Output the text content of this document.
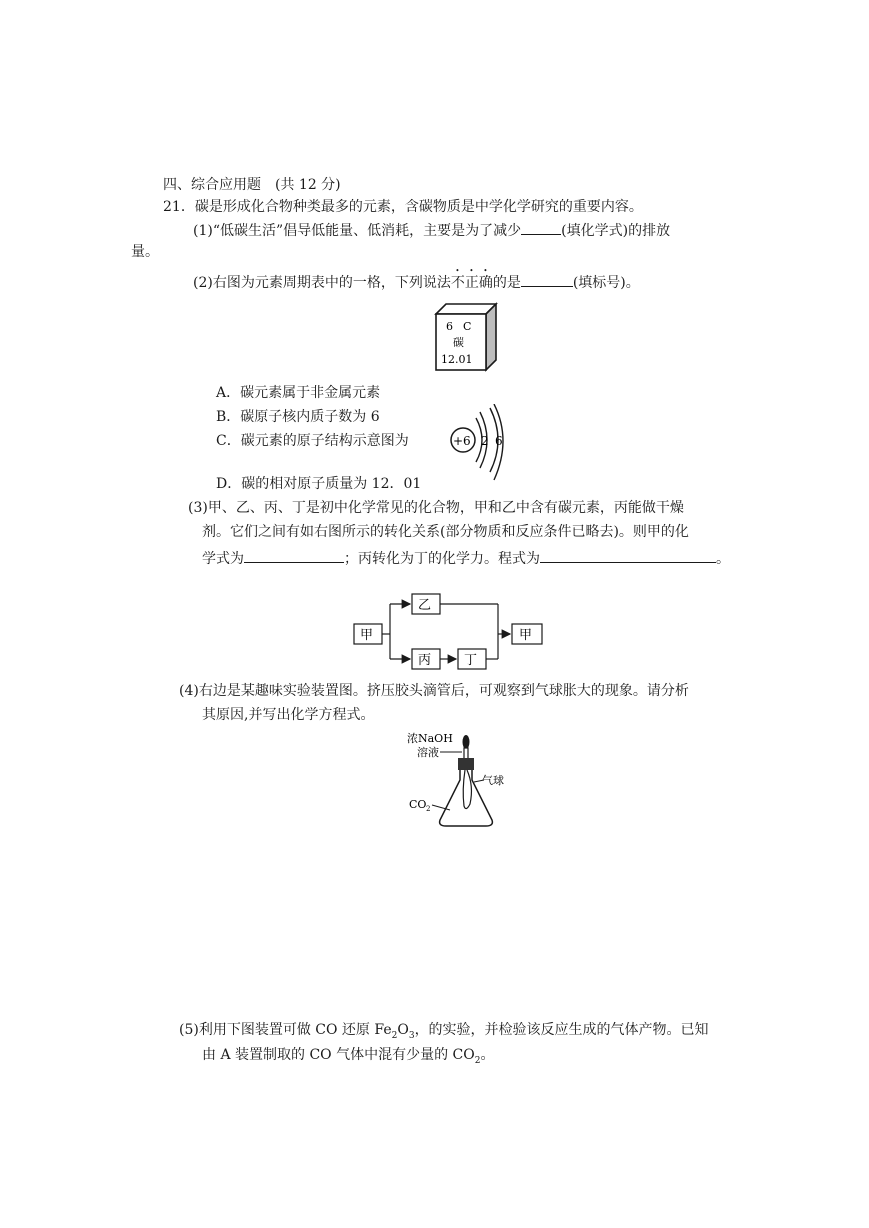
四、综合应用题　(共 12 分)
21．碳是形成化合物种类最多的元素，含碳物质是中学化学研究的重要内容。
(1)“低碳生活”倡导低能量、低消耗，主要是为了减少	(填化学式)的排放
量。
(2)右图为元素周期表中的一格，下列说法不正确的是	(填标号)。
6 C
碳
12.01
A．碳元素属于非金属元素
B．碳原子核内质子数为 6
C．碳元素的原子结构示意图为	+6 2 6
D．碳的相对原子质量为 12．01
(3)甲、乙、丙、丁是初中化学常见的化合物，甲和乙中含有碳元素，丙能做干燥
剂。它们之间有如右图所示的转化关系(部分物质和反应条件已略去)。则甲的化
学式为	；丙转化为丁的化学力。程式为	。
甲
乙
丙	丁
甲
(4)右边是某趣味实验装置图。挤压胶头滴管后，可观察到气球胀大的现象。请分析
其原因,并写出化学方程式。
浓NaOH
溶液
气球
CO 2
(5)利用下图装置可做 CO 还原 $Fe_2O_3$，的实验，并检验该反应生成的气体产物。已知
由 A 装置制取的 CO 气体中混有少量的 $CO_2$。
